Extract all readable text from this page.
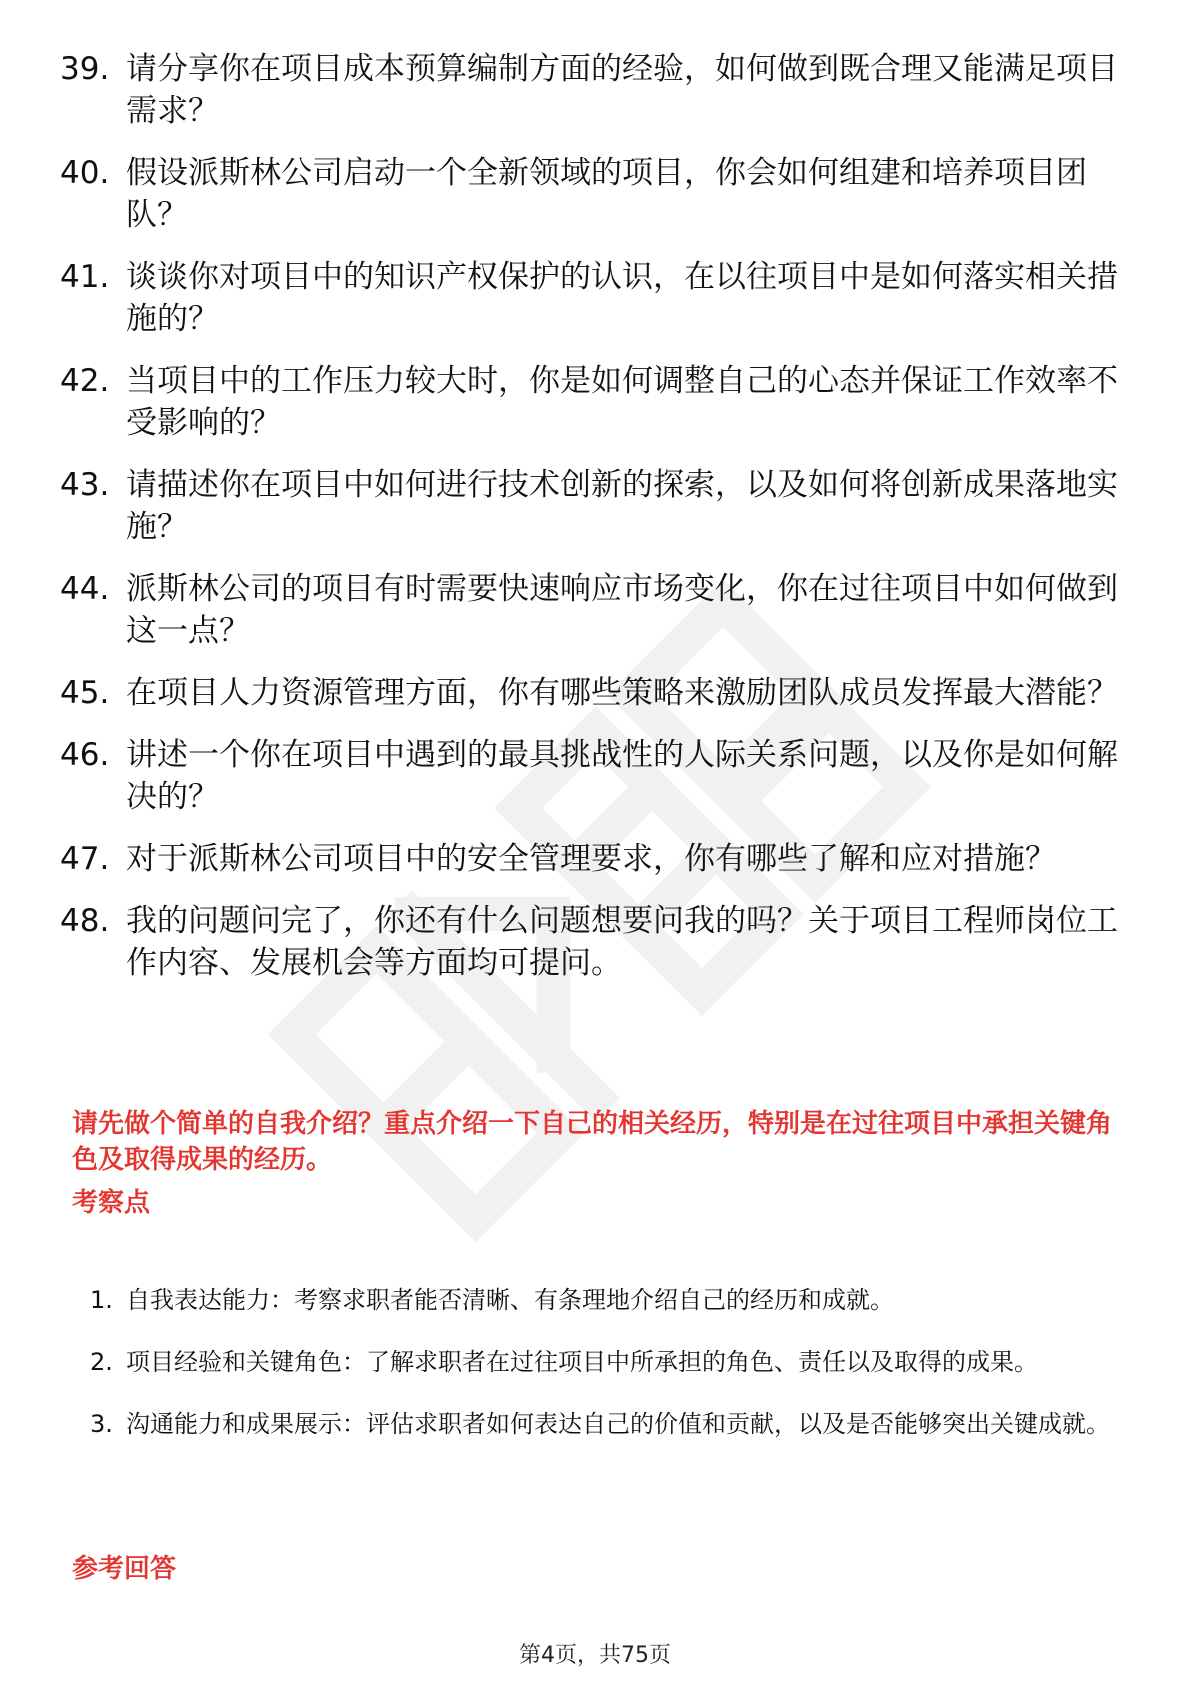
39. 请分享你在项目成本预算编制方面的经验，如何做到既合理又能满足项目需求？
40. 假设派斯林公司启动一个全新领域的项目，你会如何组建和培养项目团队？
41. 谈谈你对项目中的知识产权保护的认识，在以往项目中是如何落实相关措施的？
42. 当项目中的工作压力较大时，你是如何调整自己的心态并保证工作效率不受影响的？
43. 请描述你在项目中如何进行技术创新的探索，以及如何将创新成果落地实施？
44. 派斯林公司的项目有时需要快速响应市场变化，你在过往项目中如何做到这一点？
45. 在项目人力资源管理方面，你有哪些策略来激励团队成员发挥最大潜能？
46. 讲述一个你在项目中遇到的最具挑战性的人际关系问题，以及你是如何解决的？
47. 对于派斯林公司项目中的安全管理要求，你有哪些了解和应对措施？
48. 我的问题问完了，你还有什么问题想要问我的吗？关于项目工程师岗位工作内容、发展机会等方面均可提问。

请先做个简单的自我介绍？重点介绍一下自己的相关经历，特别是在过往项目中承担关键角色及取得成果的经历。

考察点
1. 自我表达能力：考察求职者能否清晰、有条理地介绍自己的经历和成就。
2. 项目经验和关键角色：了解求职者在过往项目中所承担的角色、责任以及取得的成果。
3. 沟通能力和成果展示：评估求职者如何表达自己的价值和贡献，以及是否能够突出关键成就。
参考回答

第4页，共75页
